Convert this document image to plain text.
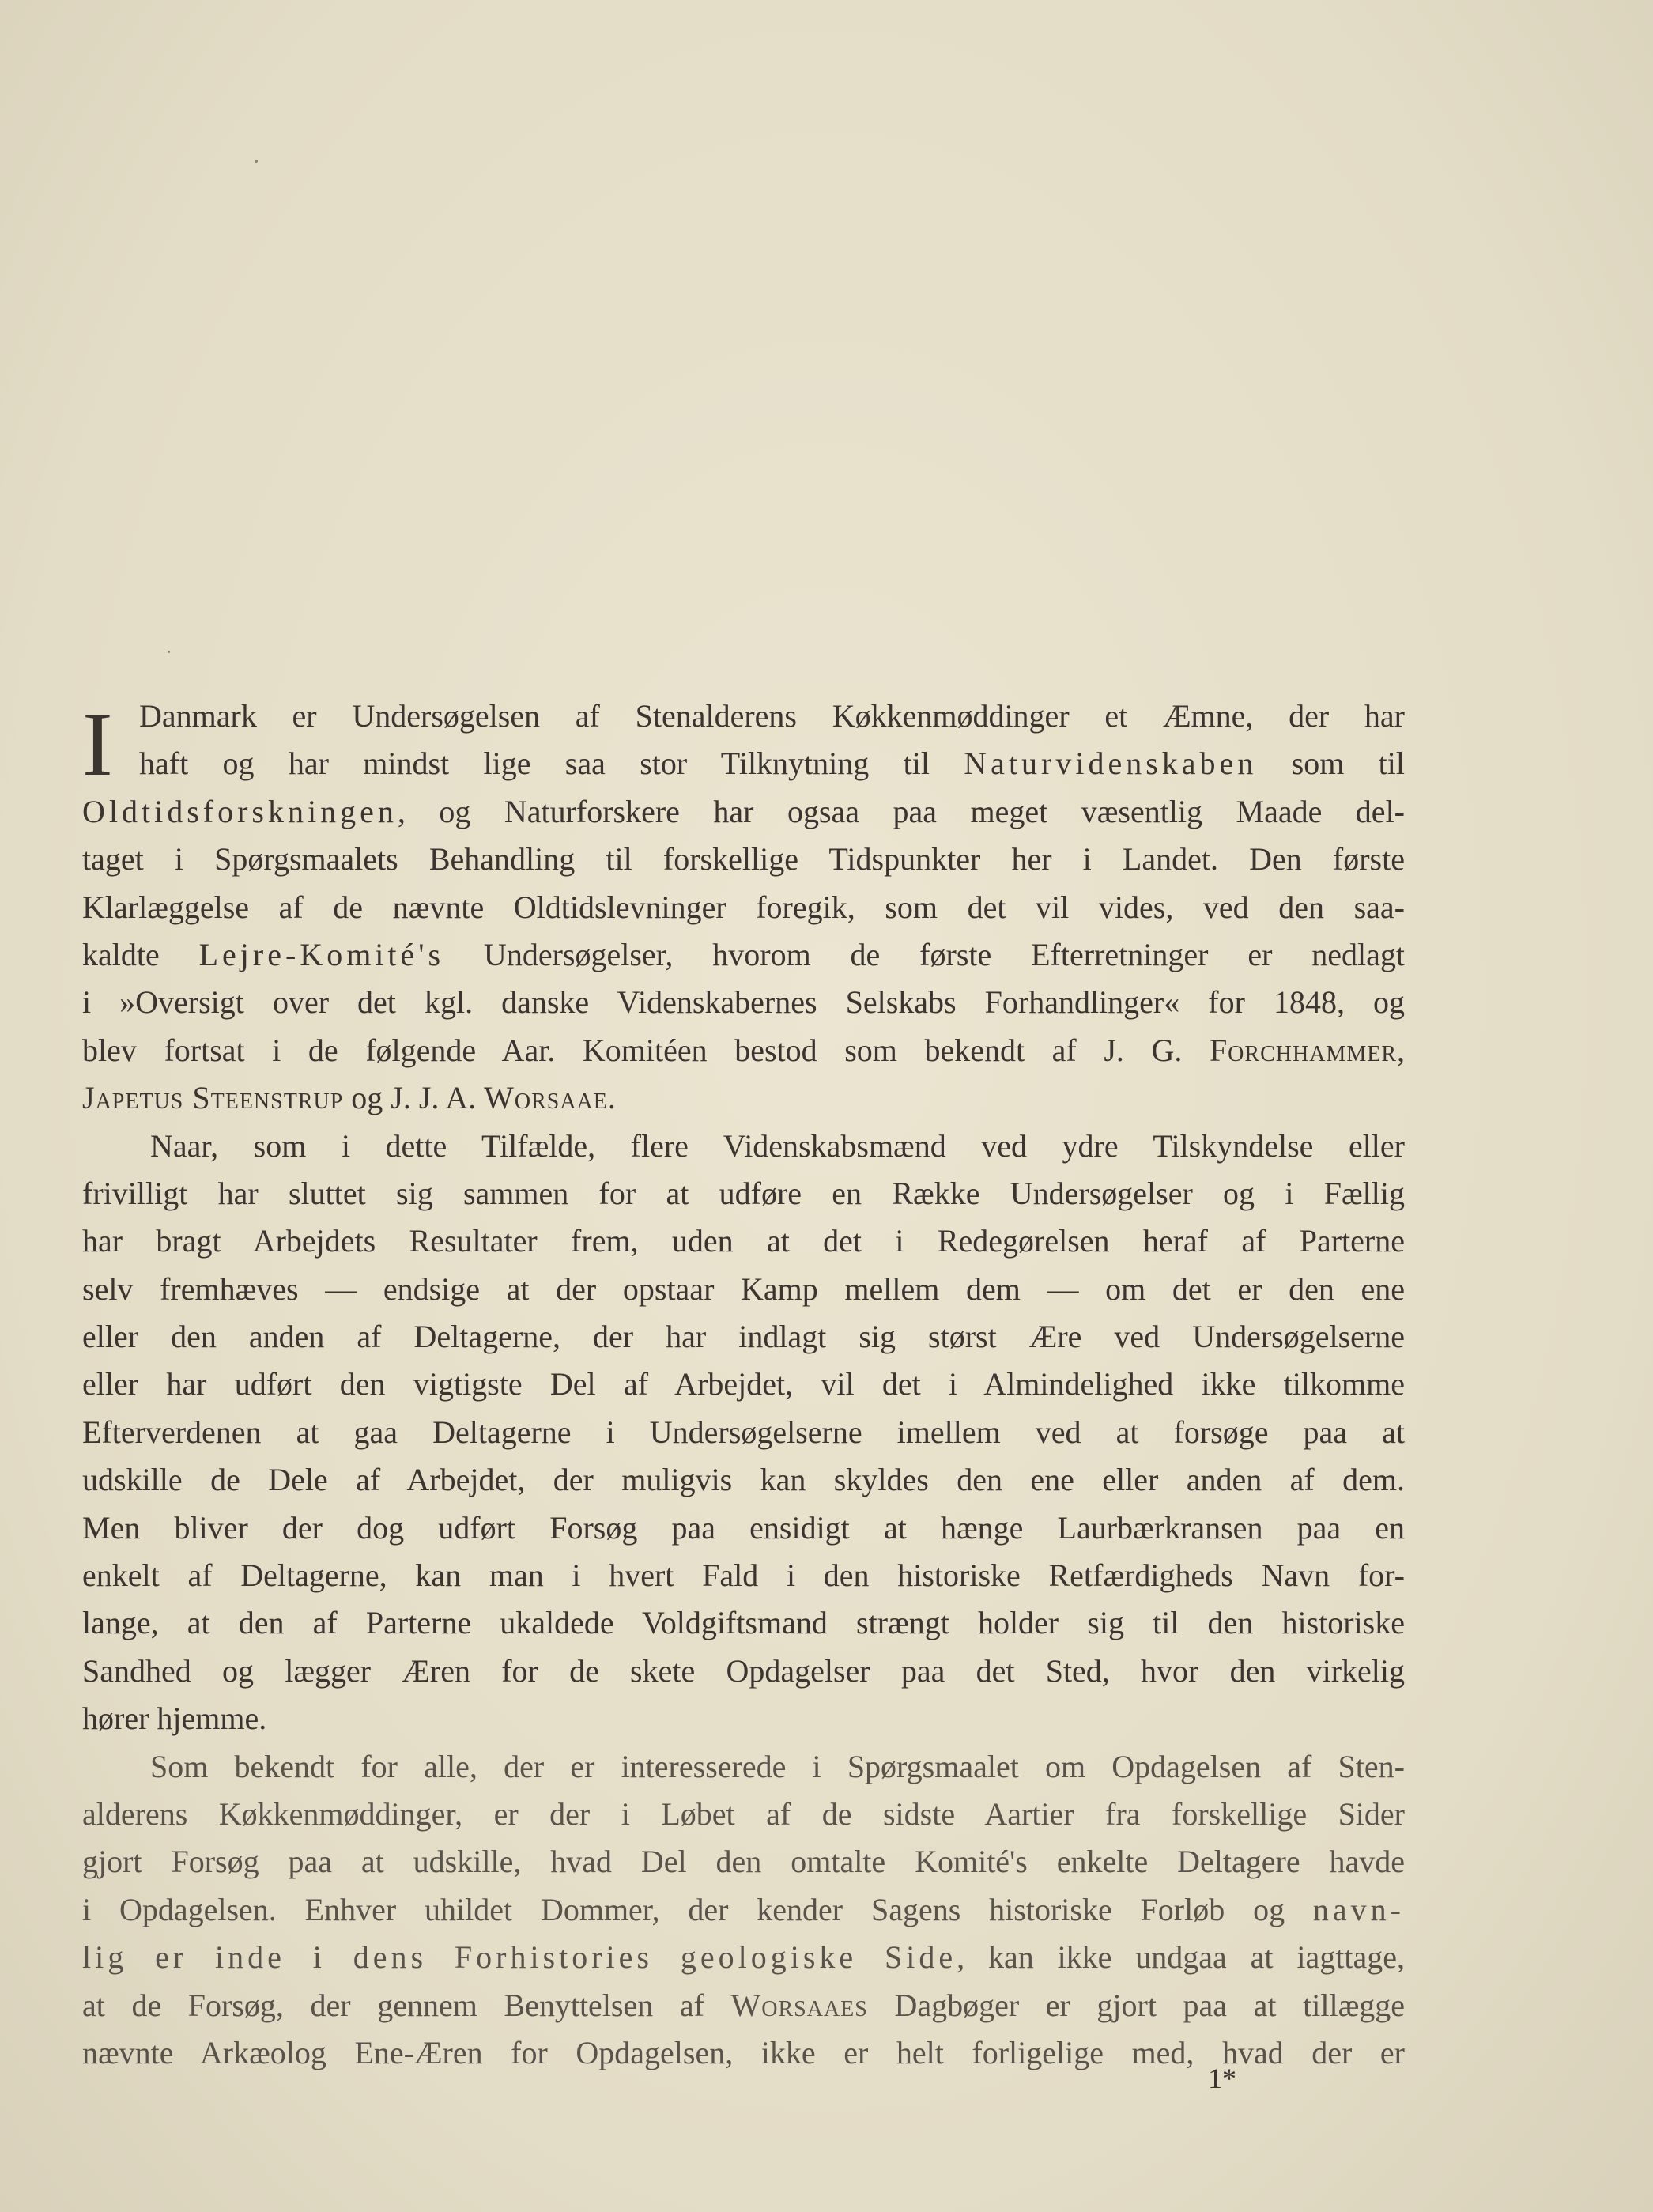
I Danmark er Undersøgelsen af Stenalderens Køkkenmøddinger et Æmne, der har
haft og har mindst lige saa stor Tilknytning til Naturvidenskaben som til
Oldtidsforskningen, og Naturforskere har ogsaa paa meget væsentlig Maade del-
taget i Spørgsmaalets Behandling til forskellige Tidspunkter her i Landet. Den første
Klarlæggelse af de nævnte Oldtidslevninger foregik, som det vil vides, ved den saa-
kaldte Lejre-Komité's Undersøgelser, hvorom de første Efterretninger er nedlagt
i »Oversigt over det kgl. danske Videnskabernes Selskabs Forhandlinger« for 1848, og
blev fortsat i de følgende Aar. Komitéen bestod som bekendt af J. G. Forchhammer,
Japetus Steenstrup og J. J. A. Worsaae.
Naar, som i dette Tilfælde, flere Videnskabsmænd ved ydre Tilskyndelse eller
frivilligt har sluttet sig sammen for at udføre en Række Undersøgelser og i Fællig
har bragt Arbejdets Resultater frem, uden at det i Redegørelsen heraf af Parterne
selv fremhæves — endsige at der opstaar Kamp mellem dem — om det er den ene
eller den anden af Deltagerne, der har indlagt sig størst Ære ved Undersøgelserne
eller har udført den vigtigste Del af Arbejdet, vil det i Almindelighed ikke tilkomme
Efterverdenen at gaa Deltagerne i Undersøgelserne imellem ved at forsøge paa at
udskille de Dele af Arbejdet, der muligvis kan skyldes den ene eller anden af dem.
Men bliver der dog udført Forsøg paa ensidigt at hænge Laurbærkransen paa en
enkelt af Deltagerne, kan man i hvert Fald i den historiske Retfærdigheds Navn for-
lange, at den af Parterne ukaldede Voldgiftsmand strængt holder sig til den historiske
Sandhed og lægger Æren for de skete Opdagelser paa det Sted, hvor den virkelig
hører hjemme.
Som bekendt for alle, der er interesserede i Spørgsmaalet om Opdagelsen af Sten-
alderens Køkkenmøddinger, er der i Løbet af de sidste Aartier fra forskellige Sider
gjort Forsøg paa at udskille, hvad Del den omtalte Komité's enkelte Deltagere havde
i Opdagelsen. Enhver uhildet Dommer, der kender Sagens historiske Forløb og navn-
lig er inde i dens Forhistories geologiske Side, kan ikke undgaa at iagttage,
at de Forsøg, der gennem Benyttelsen af Worsaaes Dagbøger er gjort paa at tillægge
nævnte Arkæolog Ene-Æren for Opdagelsen, ikke er helt forligelige med, hvad der er
1*
